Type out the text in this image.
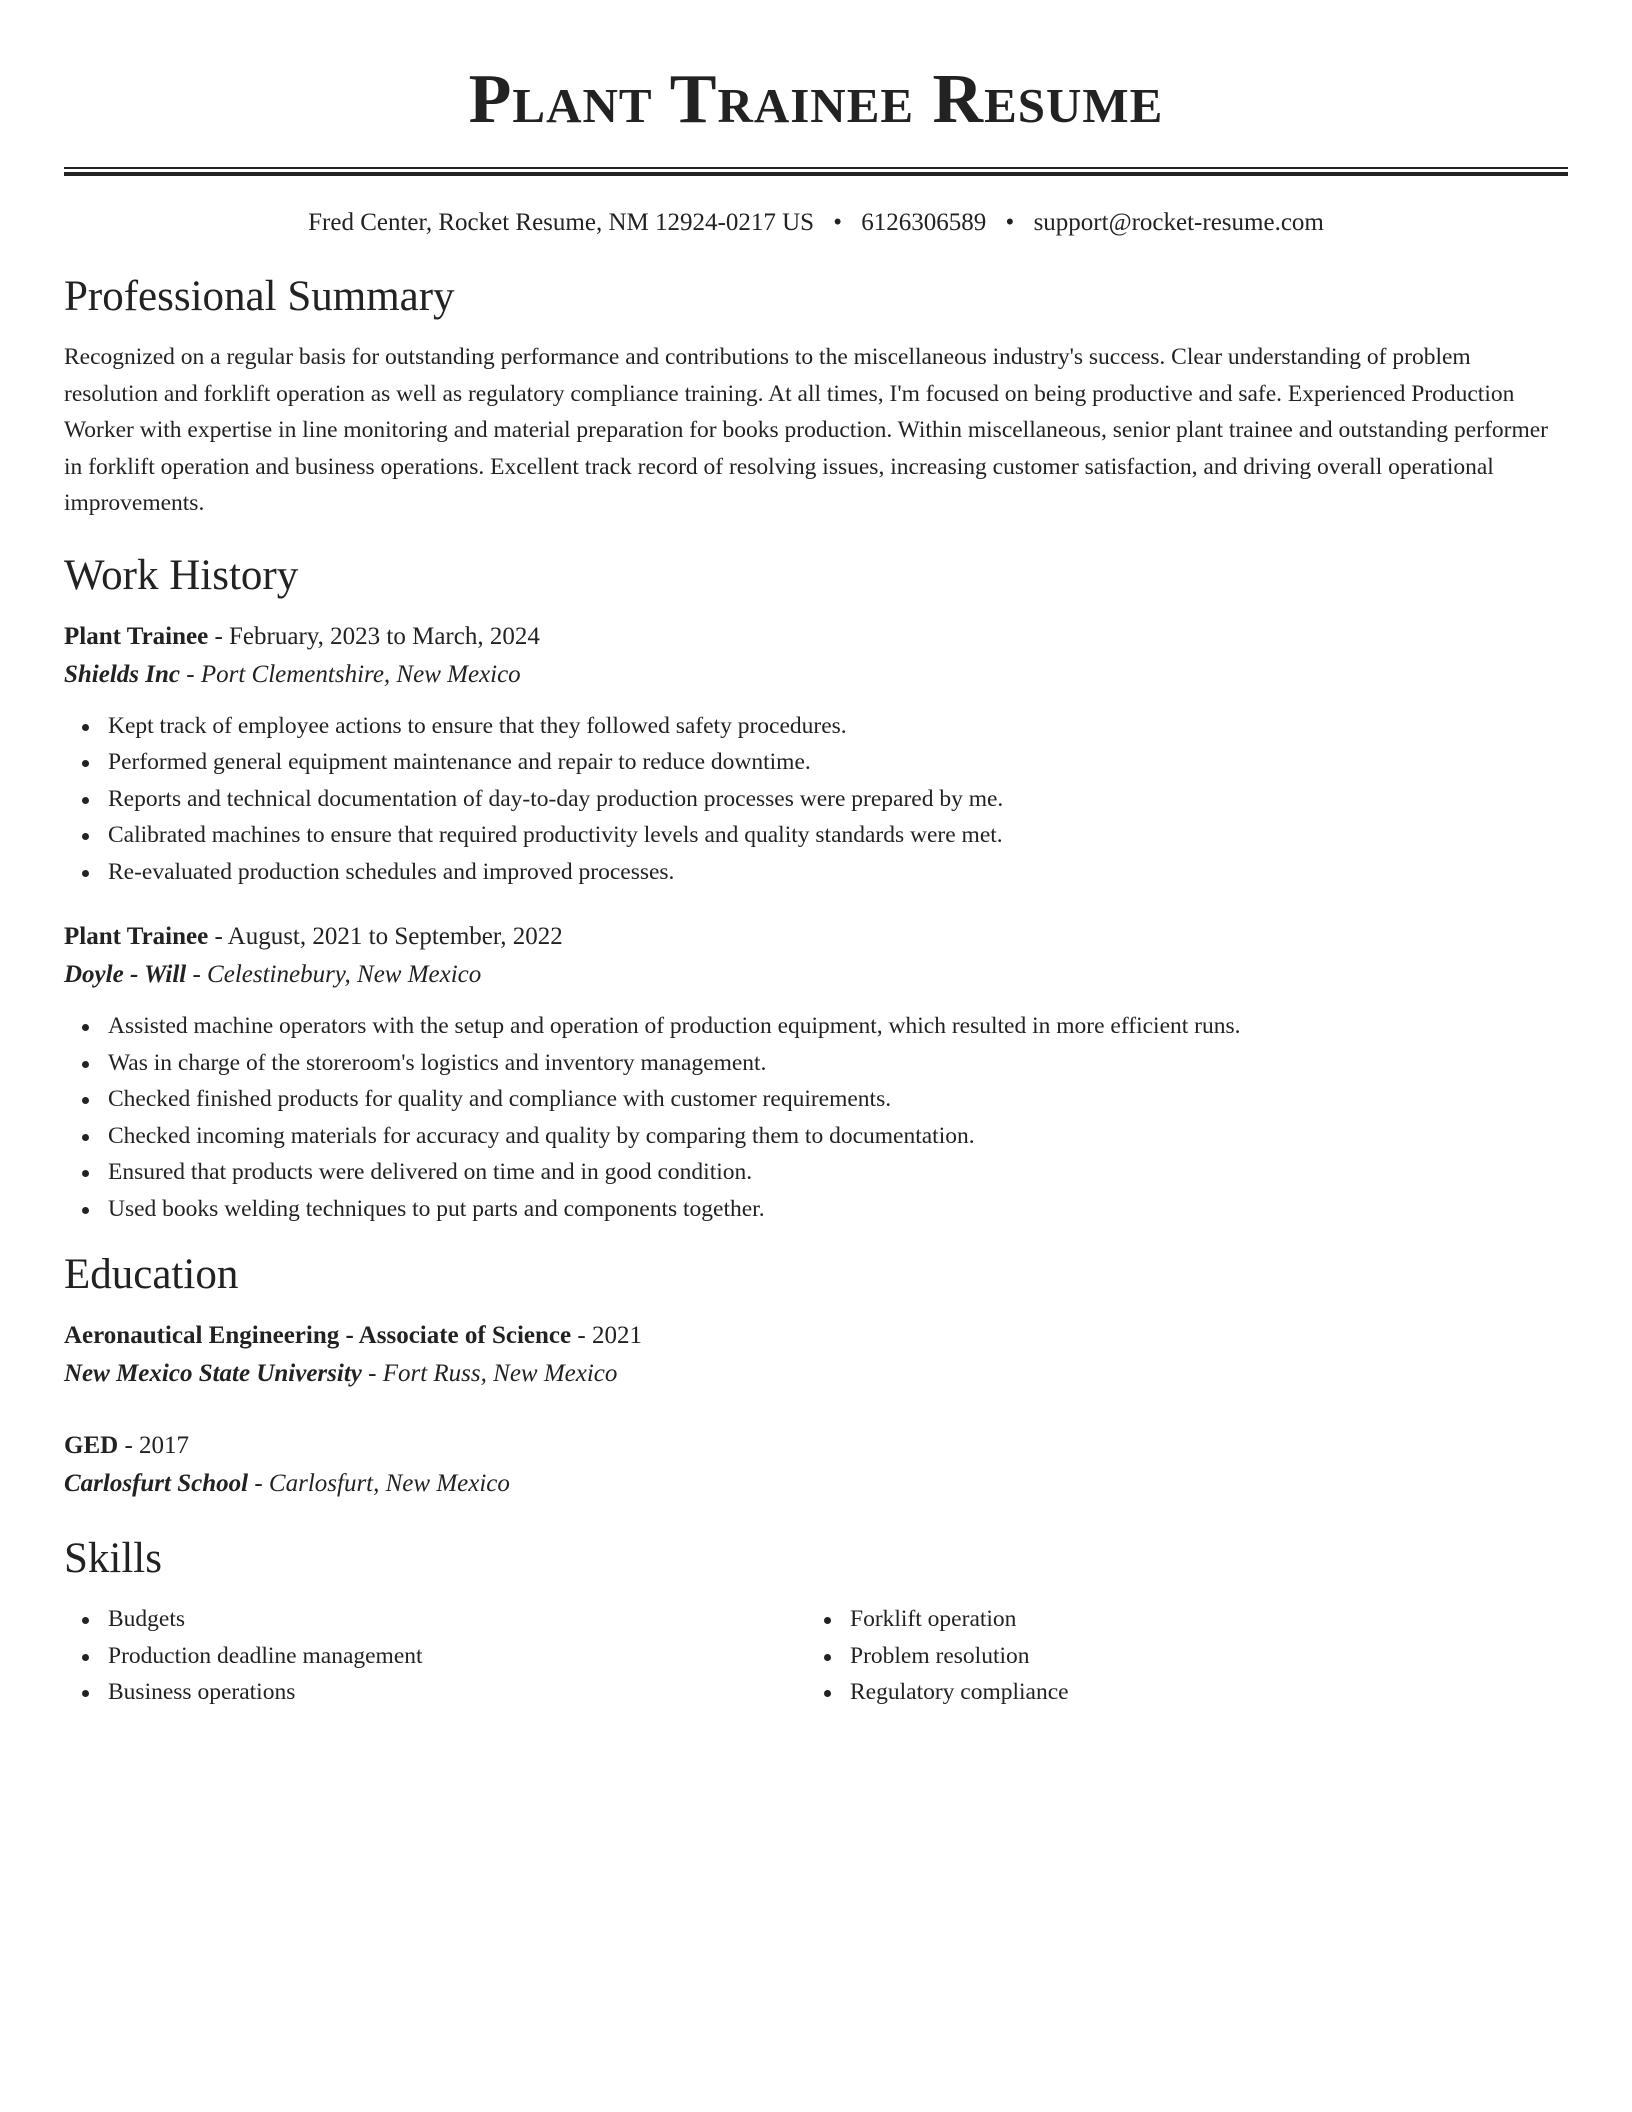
Plant Trainee Resume
Fred Center, Rocket Resume, NM 12924-0217 US • 6126306589 • support@rocket-resume.com
Professional Summary

Recognized on a regular basis for outstanding performance and contributions to the miscellaneous industry's success. Clear understanding of problem resolution and forklift operation as well as regulatory compliance training. At all times, I'm focused on being productive and safe. Experienced Production Worker with expertise in line monitoring and material preparation for books production. Within miscellaneous, senior plant trainee and outstanding performer in forklift operation and business operations. Excellent track record of resolving issues, increasing customer satisfaction, and driving overall operational improvements.

Work History
Plant Trainee - February, 2023 to March, 2024
Shields Inc - Port Clementshire, New Mexico
Kept track of employee actions to ensure that they followed safety procedures.
Performed general equipment maintenance and repair to reduce downtime.
Reports and technical documentation of day-to-day production processes were prepared by me.
Calibrated machines to ensure that required productivity levels and quality standards were met.
Re-evaluated production schedules and improved processes.
Plant Trainee - August, 2021 to September, 2022
Doyle - Will - Celestinebury, New Mexico
Assisted machine operators with the setup and operation of production equipment, which resulted in more efficient runs.
Was in charge of the storeroom's logistics and inventory management.
Checked finished products for quality and compliance with customer requirements.
Checked incoming materials for accuracy and quality by comparing them to documentation.
Ensured that products were delivered on time and in good condition.
Used books welding techniques to put parts and components together.
Education
Aeronautical Engineering - Associate of Science - 2021
New Mexico State University - Fort Russ, New Mexico
GED - 2017
Carlosfurt School - Carlosfurt, New Mexico
Skills
Budgets
Production deadline management
Business operations
Forklift operation
Problem resolution
Regulatory compliance
